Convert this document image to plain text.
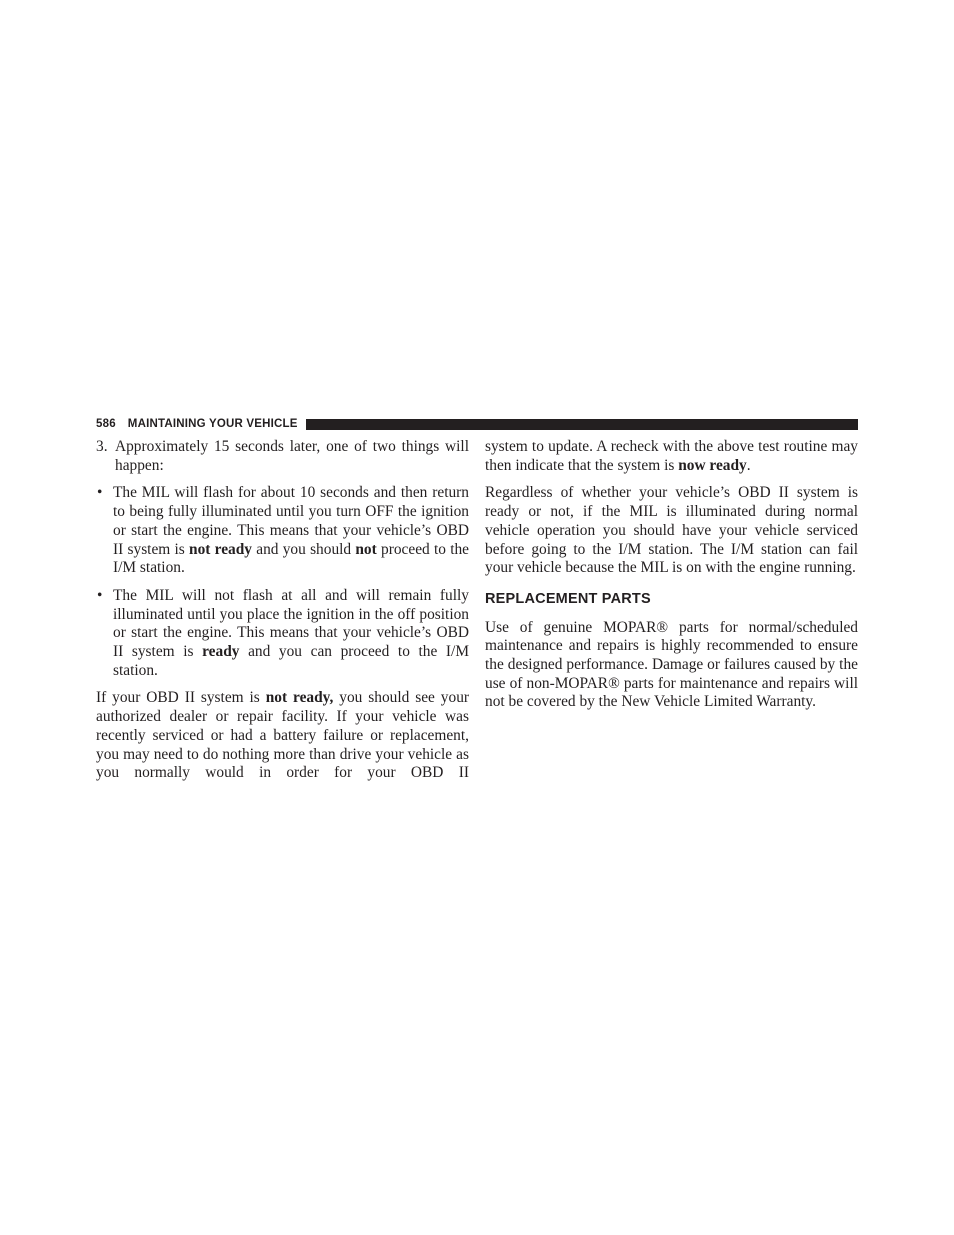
586 MAINTAINING YOUR VEHICLE
3. Approximately 15 seconds later, one of two things will happen:
• The MIL will flash for about 10 seconds and then return to being fully illuminated until you turn OFF the ignition or start the engine. This means that your vehicle’s OBD II system is not ready and you should not proceed to the I/M station.
• The MIL will not flash at all and will remain fully illuminated until you place the ignition in the off position or start the engine. This means that your vehicle’s OBD II system is ready and you can proceed to the I/M station.

If your OBD II system is not ready, you should see your authorized dealer or repair facility. If your vehicle was recently serviced or had a battery failure or replacement, you may need to do nothing more than drive your vehicle as you normally would in order for your OBD II

system to update. A recheck with the above test routine may then indicate that the system is now ready.

Regardless of whether your vehicle’s OBD II system is ready or not, if the MIL is illuminated during normal vehicle operation you should have your vehicle serviced before going to the I/M station. The I/M station can fail your vehicle because the MIL is on with the engine running.

REPLACEMENT PARTS

Use of genuine MOPAR® parts for normal/scheduled maintenance and repairs is highly recommended to ensure the designed performance. Damage or failures caused by the use of non-MOPAR® parts for maintenance and repairs will not be covered by the New Vehicle Limited Warranty.
